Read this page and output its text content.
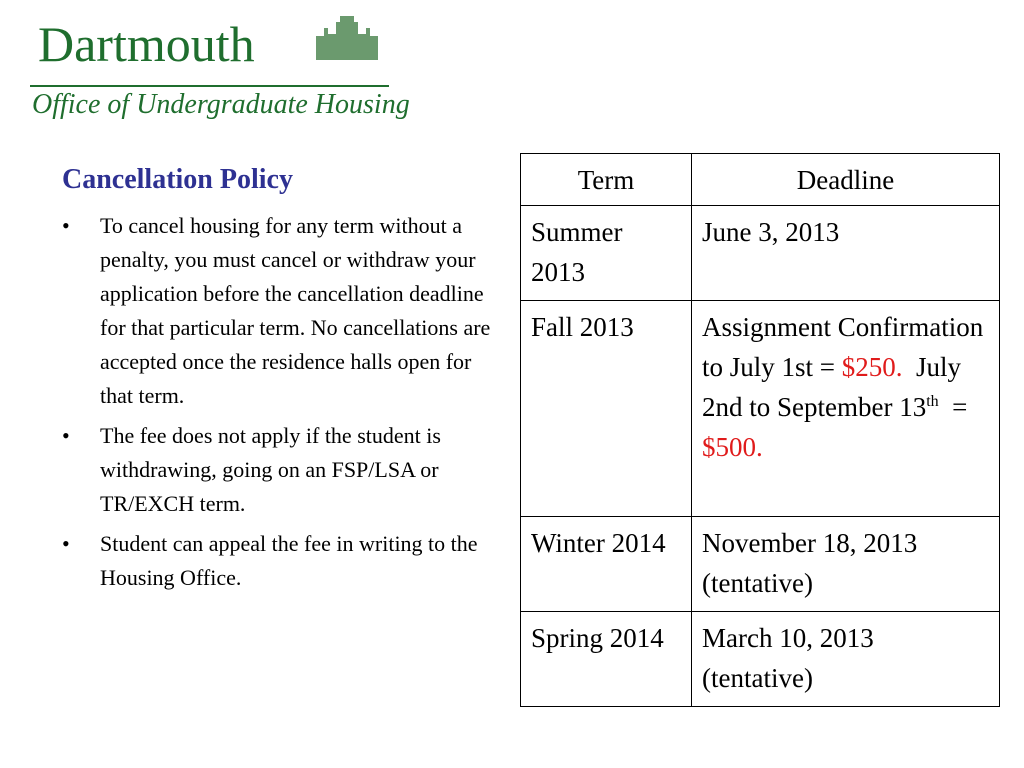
Dartmouth
Office of Undergraduate Housing
Cancellation Policy
• To cancel housing for any term without a penalty, you must cancel or withdraw your application before the cancellation deadline for that particular term. No cancellations are accepted once the residence halls open for that term.
• The fee does not apply if the student is withdrawing, going on an FSP/LSA or TR/EXCH term.
• Student can appeal the fee in writing to the Housing Office.
Term	Deadline
Summer 2013	June 3, 2013
Fall 2013	Assignment Confirmation to July 1st = $250.  July 2nd to September 13th  = $500.
Winter 2014	November 18, 2013 (tentative)
Spring 2014	March 10, 2013 (tentative)
